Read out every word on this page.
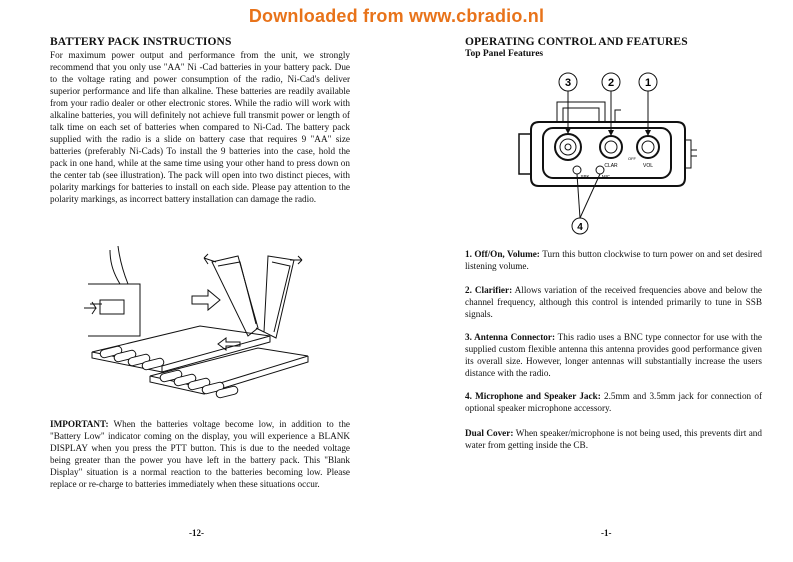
Downloaded from www.cbradio.nl
BATTERY PACK INSTRUCTIONS

For maximum power output and performance from the unit, we strongly recommend that you only use "AA" Ni -Cad batteries in your battery pack. Due to the voltage rating and power consumption of the radio, Ni-Cad's deliver superior performance and life than alkaline. These batteries are readily available from your radio dealer or other electronic stores. While the radio will work with alkaline batteries, you will definitely not achieve full transmit power or length of talk time on each set of batteries when compared to Ni-Cad. The battery pack supplied with the radio is a slide on battery case that requires 9 "AA" size batteries (preferably Ni-Cads) To install the 9 batteries into the case, hold the pack in one hand, while at the same time using your other hand to press down on the center tab (see illustration). The pack will open into two distinct pieces, with polarity markings for batteries to install on each side. Please pay attention to the polarity markings, as incorrect battery installation can damage the radio.

IMPORTANT: When the batteries voltage become low, in addition to the "Battery Low" indicator coming on the display, you will experience a BLANK DISPLAY when you press the PTT button. This is due to the needed voltage being greater than the power you have left in the battery pack. This "Blank Display" situation is a normal reaction to the batteries becoming low. Please replace or re-charge to batteries immediately when these situations occur.

-12-
OPERATING CONTROL AND FEATURES
Top Panel Features
3	2	1
4
CLAR	VOL
OFF
SPK	MIC

1. Off/On, Volume: Turn this button clockwise to turn power on and set desired listening volume.

2. Clarifier: Allows variation of the received frequencies above and below the channel frequency, although this control is intended primarily to tune in SSB signals.

3. Antenna Connector: This radio uses a BNC type connector for use with the supplied custom flexible antenna this antenna provides good performance given its overall size. However, longer antennas will substantially increase the users distance with the radio.

4. Microphone and Speaker Jack: 2.5mm and 3.5mm jack for connection of optional speaker microphone accessory.

Dual Cover: When speaker/microphone is not being used, this prevents dirt and water from getting inside the CB.

-1-
